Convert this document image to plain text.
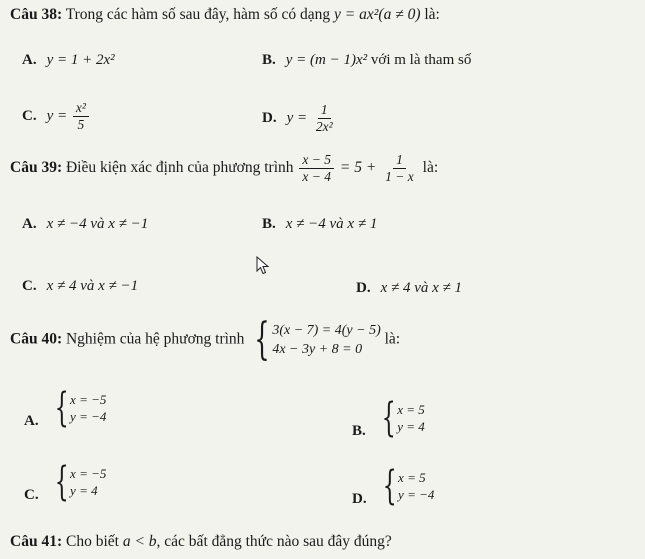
Câu 38: Trong các hàm số sau đây, hàm số có dạng y = ax²(a ≠ 0) là:
A. y = 1 + 2x²	B. y = (m − 1)x² với m là tham số
C. $y = \frac{\text{x²}}{5}$	D. $y = \frac{1}{\text{2x²}}$
Câu 39: Điều kiện xác định của phương trình $\frac{x - 5}{x - 4} = 5 + \frac{1}{1 - x}$ là:
A. x ≠ −4 và x ≠ −1	B. x ≠ −4 và x ≠ 1
C. x ≠ 4 và x ≠ −1	D. x ≠ 4 và x ≠ 1
Câu 40: Nghiệm của hệ phương trình { 3(x − 7) = 4(y − 5)
4x − 3y + 8 = 0
là:
A. { x = −5
y = −4
B. { x = 5
y = 4
C. { x = −5
y = 4
D. { x = 5
y = −4
Câu 41: Cho biết a < b, các bất đẳng thức nào sau đây đúng?
